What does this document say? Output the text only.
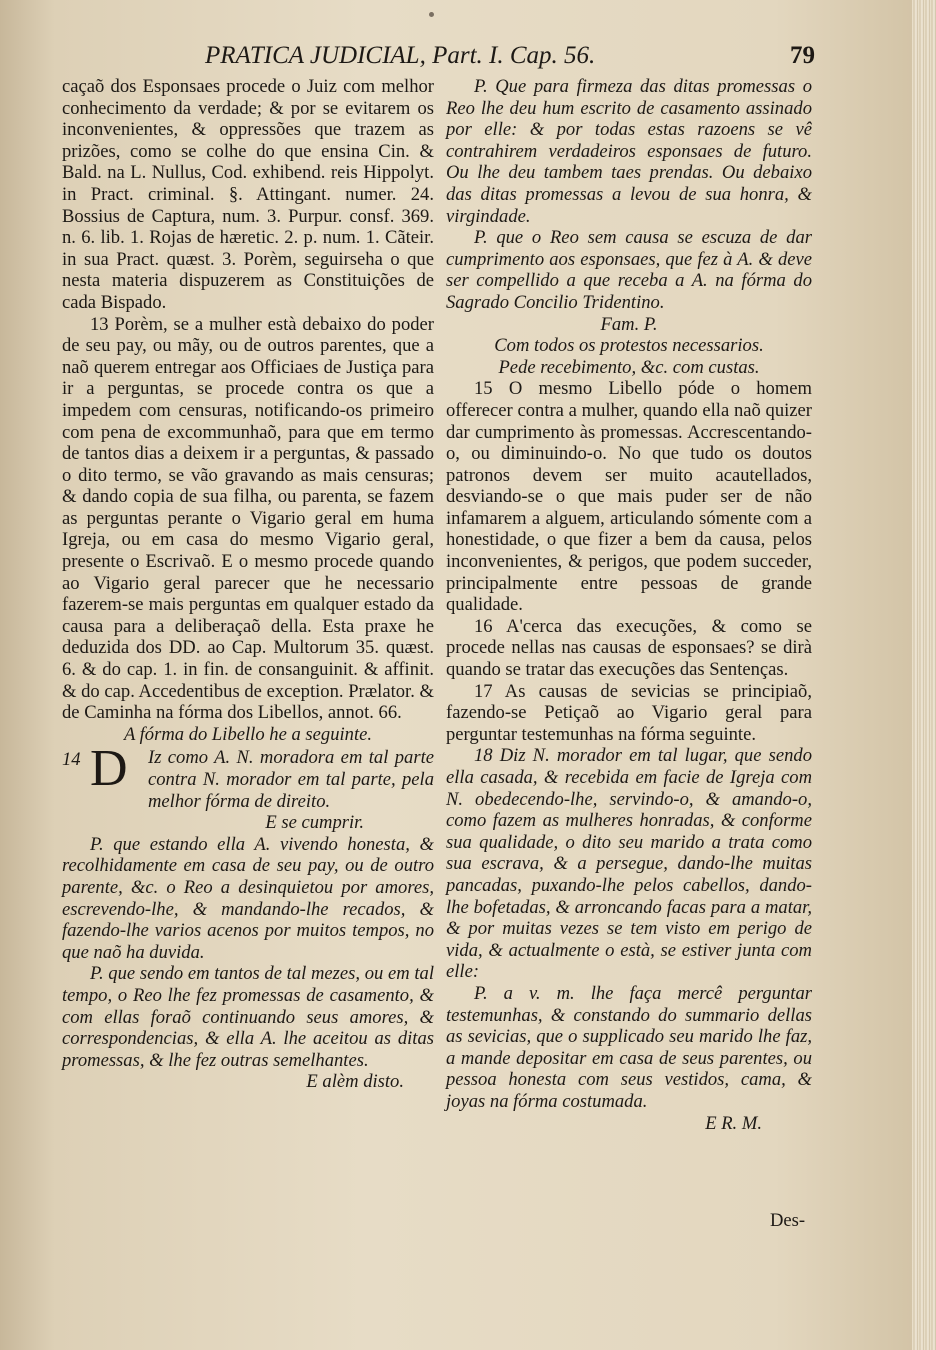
PRATICA JUDICIAL, Part. I. Cap. 56.	79

caçaõ dos Esponsaes procede o Juiz com melhor conhecimento da verdade; & por se evitarem os inconvenientes, & oppressões que trazem as prizões, como se colhe do que ensina Cin. & Bald. na L. Nullus, Cod. exhibend. reis Hippolyt. in Pract. criminal. §. Attingant. numer. 24. Bossius de Captura, num. 3. Purpur. consf. 369. n. 6. lib. 1. Rojas de hæretic. 2. p. num. 1. Cãteir. in sua Pract. quæst. 3. Porèm, seguirseha o que nesta materia dispuzerem as Constituições de cada Bispado.

13 Porèm, se a mulher està debaixo do poder de seu pay, ou mãy, ou de outros parentes, que a naõ querem entregar aos Officiaes de Justiça para ir a perguntas, se procede contra os que a impedem com censuras, notificando-os primeiro com pena de excommunhaõ, para que em termo de tantos dias a deixem ir a perguntas, & passado o dito termo, se vão gravando as mais censuras; & dando copia de sua filha, ou parenta, se fazem as perguntas perante o Vigario geral em huma Igreja, ou em casa do mesmo Vigario geral, presente o Escrivaõ. E o mesmo procede quando ao Vigario geral parecer que he necessario fazerem-se mais perguntas em qualquer estado da causa para a deliberaçaõ della. Esta praxe he deduzida dos DD. ao Cap. Multorum 35. quæst. 6. & do cap. 1. in fin. de consanguinit. & affinit. & do cap. Accedentibus de exception. Prælator. & de Caminha na fórma dos Libellos, annot. 66.

A fórma do Libello he a seguinte.

14 D Iz como A. N. moradora em tal parte contra N. morador em tal parte, pela melhor fórma de direito.

E se cumprir.

P. que estando ella A. vivendo honesta, & recolhidamente em casa de seu pay, ou de outro parente, &c. o Reo a desinquietou por amores, escrevendo-lhe, & mandando-lhe recados, & fazendo-lhe varios acenos por muitos tempos, no que naõ ha duvida.

P. que sendo em tantos de tal mezes, ou em tal tempo, o Reo lhe fez promessas de casamento, & com ellas foraõ continuando seus amores, & correspondencias, & ella A. lhe aceitou as ditas promessas, & lhe fez outras semelhantes.

E alèm disto.

P. Que para firmeza das ditas promessas o Reo lhe deu hum escrito de casamento assinado por elle: & por todas estas razoens se vê contrahirem verdadeiros esponsaes de futuro. Ou lhe deu tambem taes prendas. Ou debaixo das ditas promessas a levou de sua honra, & virgindade.

P. que o Reo sem causa se escuza de dar cumprimento aos esponsaes, que fez à A. & deve ser compellido a que receba a A. na fórma do Sagrado Concilio Tridentino.

Fam. P.

Com todos os protestos necessarios.

Pede recebimento, &c. com custas.

15 O mesmo Libello póde o homem offerecer contra a mulher, quando ella naõ quizer dar cumprimento às promessas. Accrescentando-o, ou diminuindo-o. No que tudo os doutos patronos devem ser muito acautellados, desviando-se o que mais puder ser de não infamarem a alguem, articulando sómente com a honestidade, o que fizer a bem da causa, pelos inconvenientes, & perigos, que podem succeder, principalmente entre pessoas de grande qualidade.

16 A'cerca das execuções, & como se procede nellas nas causas de esponsaes? se dirà quando se tratar das execuções das Sentenças.

17 As causas de sevicias se principiaõ, fazendo-se Petiçaõ ao Vigario geral para perguntar testemunhas na fórma seguinte.

18 Diz N. morador em tal lugar, que sendo ella casada, & recebida em facie de Igreja com N. obedecendo-lhe, servindo-o, & amando-o, como fazem as mulheres honradas, & conforme sua qualidade, o dito seu marido a trata como sua escrava, & a persegue, dando-lhe muitas pancadas, puxando-lhe pelos cabellos, dando-lhe bofetadas, & arroncando facas para a matar, & por muitas vezes se tem visto em perigo de vida, & actualmente o està, se estiver junta com elle:

P. a v. m. lhe faça mercê perguntar testemunhas, & constando do summario dellas as sevicias, que o supplicado seu marido lhe faz, a mande depositar em casa de seus parentes, ou pessoa honesta com seus vestidos, cama, & joyas na fórma costumada.

E R. M.

Des-
